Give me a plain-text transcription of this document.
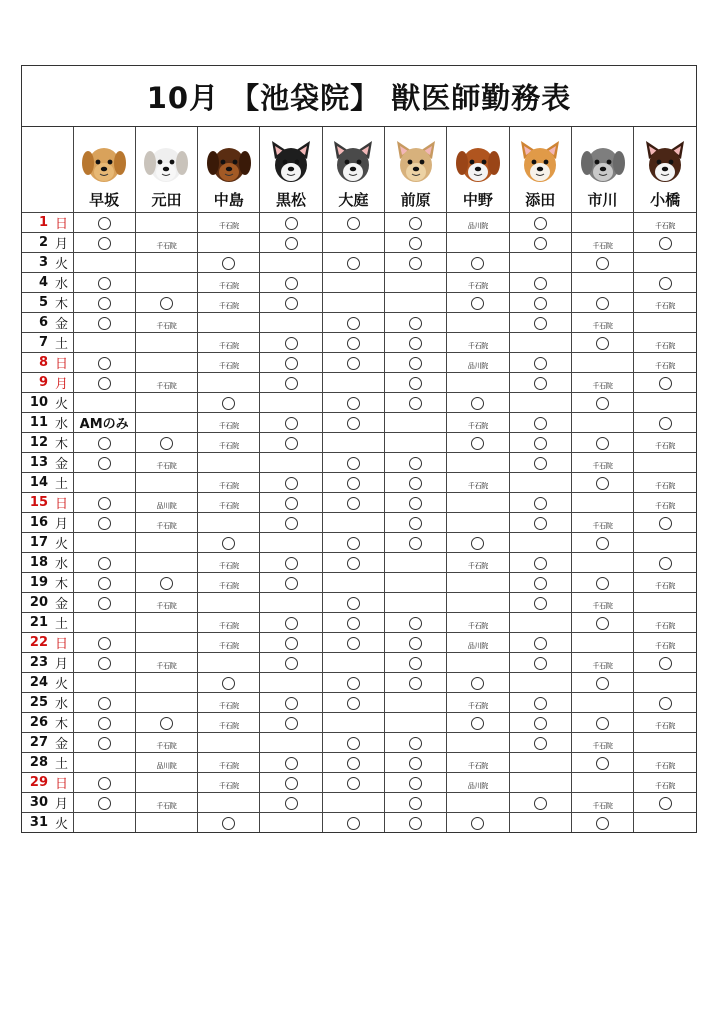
10月 【池袋院】 獣医師勤務表

		早坂	元田	中島	黒松	大庭	前原	中野	添田	市川	小橋

1	日			千石院				品川院			千石院
2	月		千石院							千石院	
3	火										
4	水			千石院				千石院			
5	木			千石院							千石院
6	金		千石院							千石院	
7	土			千石院				千石院			千石院
8	日			千石院				品川院			千石院
9	月		千石院							千石院	
10	火										
11	水	AMのみ		千石院				千石院			
12	木			千石院							千石院
13	金		千石院							千石院	
14	土			千石院				千石院			千石院
15	日		品川院	千石院							千石院
16	月		千石院							千石院	
17	火										
18	水			千石院				千石院			
19	木			千石院							千石院
20	金		千石院							千石院	
21	土			千石院				千石院			千石院
22	日			千石院				品川院			千石院
23	月		千石院							千石院	
24	火										
25	水			千石院				千石院			
26	木			千石院							千石院
27	金		千石院							千石院	
28	土		品川院	千石院				千石院			千石院
29	日			千石院				品川院			千石院
30	月		千石院							千石院	
31	火										
